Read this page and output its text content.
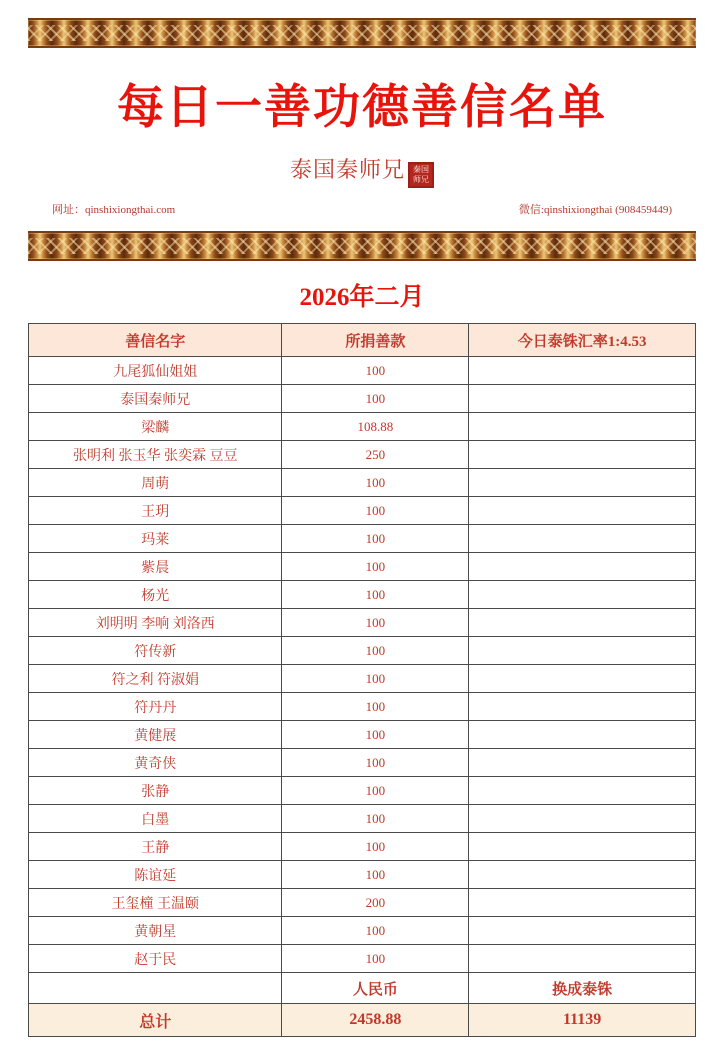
每日一善功德善信名单
泰国秦师兄 秦国 师兄
网址：qinshixiongthai.com	微信:qinshixiongthai (908459449)
2026年二月
善信名字	所捐善款	今日泰铢汇率1:4.53
九尾狐仙姐姐	100	
泰国秦师兄	100	
梁麟	108.88	
张明利 张玉华 张奕霖 豆豆	250	
周萌	100	
王玥	100	
玛莱	100	
紫晨	100	
杨光	100	
刘明明 李响 刘洛西	100	
符传新	100	
符之利 符淑娟	100	
符丹丹	100	
黄健展	100	
黄奇侠	100	
张静	100	
白墨	100	
王静	100	
陈谊延	100	
王玺橦 王温颐	200	
黄朝星	100	
赵于民	100	
	人民币	换成泰铢
总计	2458.88	11139
